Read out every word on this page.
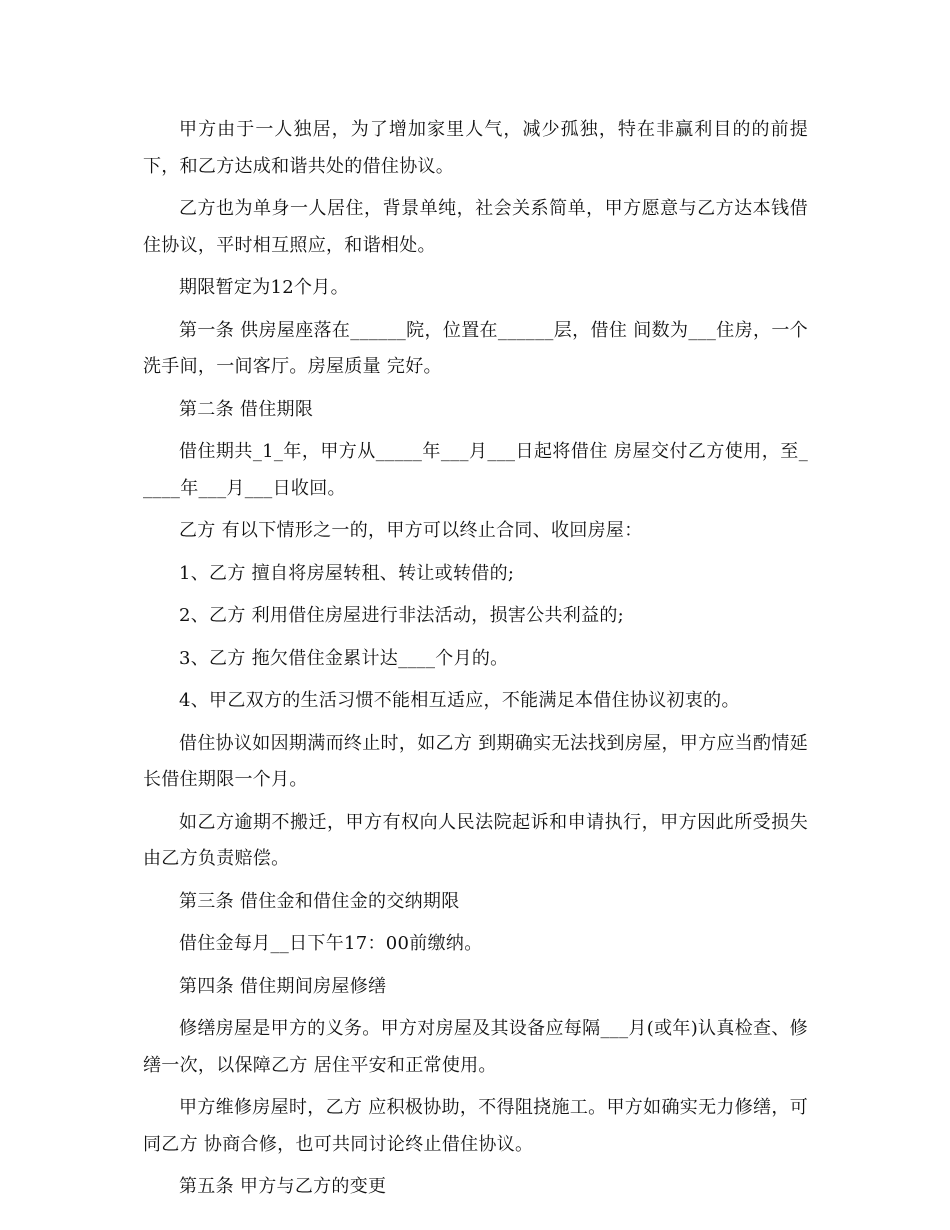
甲方由于一人独居，为了增加家里人气，减少孤独，特在非赢利目的的前提下，和乙方达成和谐共处的借住协议。

乙方也为单身一人居住，背景单纯，社会关系简单，甲方愿意与乙方达本钱借住协议，平时相互照应，和谐相处。

期限暂定为12个月。

第一条 供房屋座落在______院，位置在______层，借住 间数为___住房，一个洗手间，一间客厅。房屋质量 完好。

第二条 借住期限

借住期共_1_年，甲方从_____年___月___日起将借住 房屋交付乙方使用，至_____年___月___日收回。

乙方 有以下情形之一的，甲方可以终止合同、收回房屋：

1、乙方 擅自将房屋转租、转让或转借的;

2、乙方 利用借住房屋进行非法活动，损害公共利益的;

3、乙方 拖欠借住金累计达____个月的。

4、甲乙双方的生活习惯不能相互适应，不能满足本借住协议初衷的。

借住协议如因期满而终止时，如乙方 到期确实无法找到房屋，甲方应当酌情延长借住期限一个月。

如乙方逾期不搬迁，甲方有权向人民法院起诉和申请执行，甲方因此所受损失由乙方负责赔偿。

第三条 借住金和借住金的交纳期限

借住金每月__日下午17：00前缴纳。

第四条 借住期间房屋修缮

修缮房屋是甲方的义务。甲方对房屋及其设备应每隔___月(或年)认真检查、修缮一次，以保障乙方 居住平安和正常使用。

甲方维修房屋时，乙方 应积极协助，不得阻挠施工。甲方如确实无力修缮，可同乙方 协商合修，也可共同讨论终止借住协议。

第五条 甲方与乙方的变更
